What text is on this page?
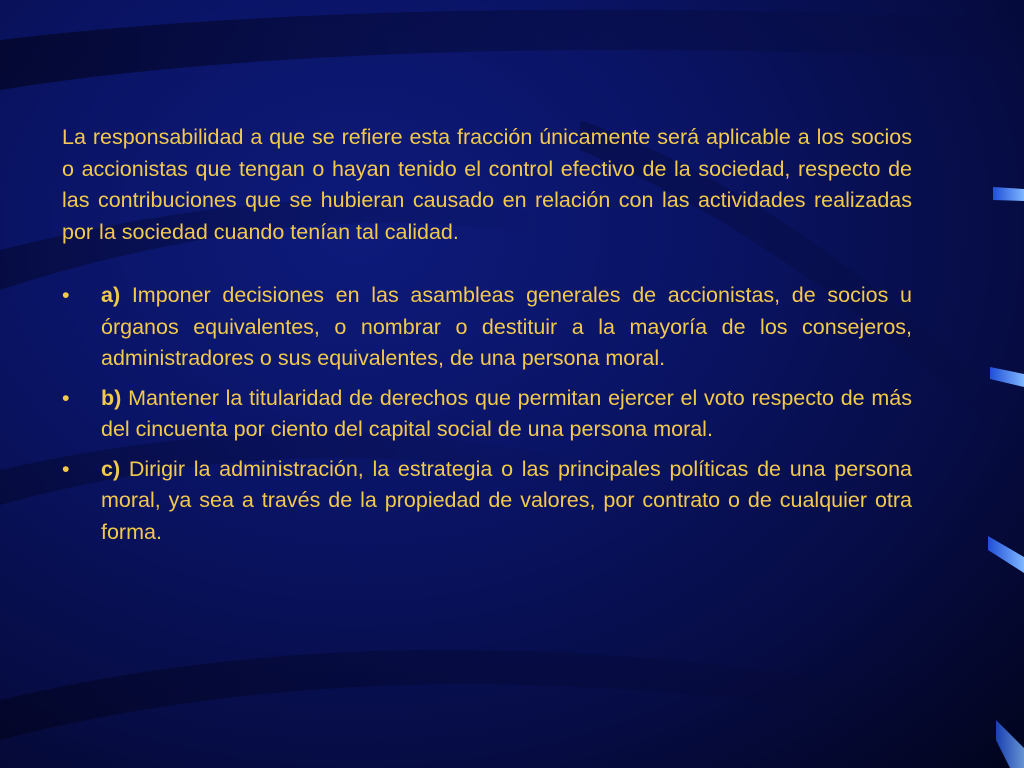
La responsabilidad a que se refiere esta fracción únicamente será aplicable a los socios o accionistas que tengan o hayan tenido el control efectivo de la sociedad, respecto de las contribuciones que se hubieran causado en relación con las actividades realizadas por la sociedad cuando tenían tal calidad.

• a) Imponer decisiones en las asambleas generales de accionistas, de socios u órganos equivalentes, o nombrar o destituir a la mayoría de los consejeros, administradores o sus equivalentes, de una persona moral.
• b) Mantener la titularidad de derechos que permitan ejercer el voto respecto de más del cincuenta por ciento del capital social de una persona moral.
• c) Dirigir la administración, la estrategia o las principales políticas de una persona moral, ya sea a través de la propiedad de valores, por contrato o de cualquier otra forma.
